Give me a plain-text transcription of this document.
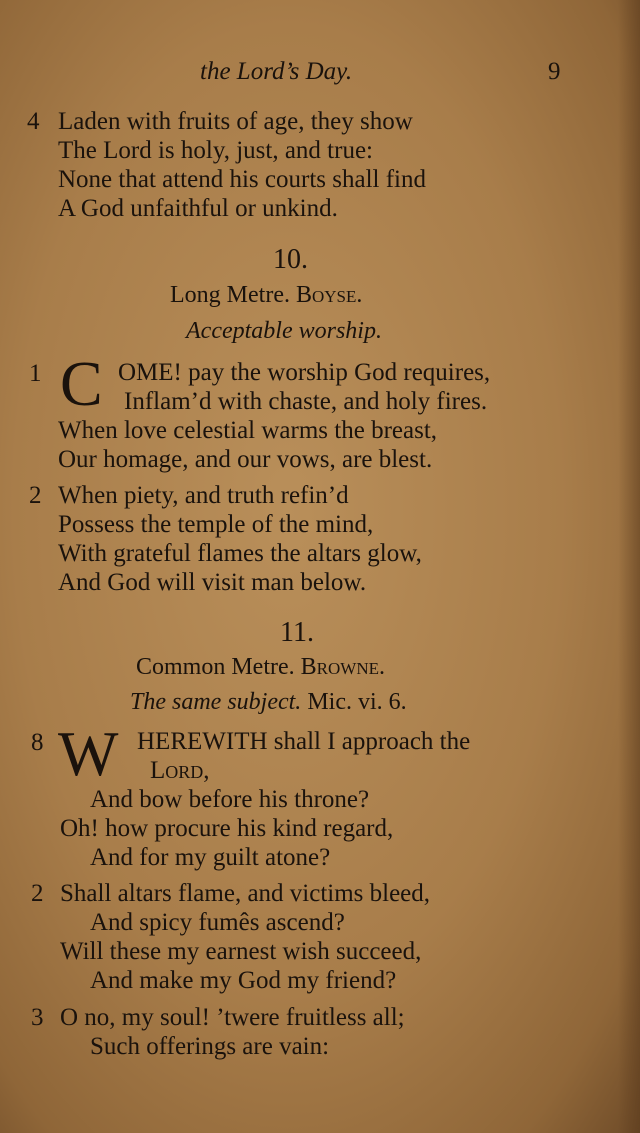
the Lord’s Day.	9
4 Laden with fruits of age, they show
The Lord is holy, just, and true:
None that attend his courts shall find
A God unfaithful or unkind.
10.
Long Metre. Boyse.
Acceptable worship.
1 C OME! pay the worship God requires,
Inflam’d with chaste, and holy fires.
When love celestial warms the breast,
Our homage, and our vows, are blest.
2 When piety, and truth refin’d
Possess the temple of the mind,
With grateful flames the altars glow,
And God will visit man below.
11.
Common Metre. Browne.
The same subject. Mic. vi. 6.
8 W HEREWITH shall I approach the
Lord,
And bow before his throne?
Oh! how procure his kind regard,
And for my guilt atone?
2 Shall altars flame, and victims bleed,
And spicy fumês ascend?
Will these my earnest wish succeed,
And make my God my friend?
3 O no, my soul! ’twere fruitless all;
Such offerings are vain:
